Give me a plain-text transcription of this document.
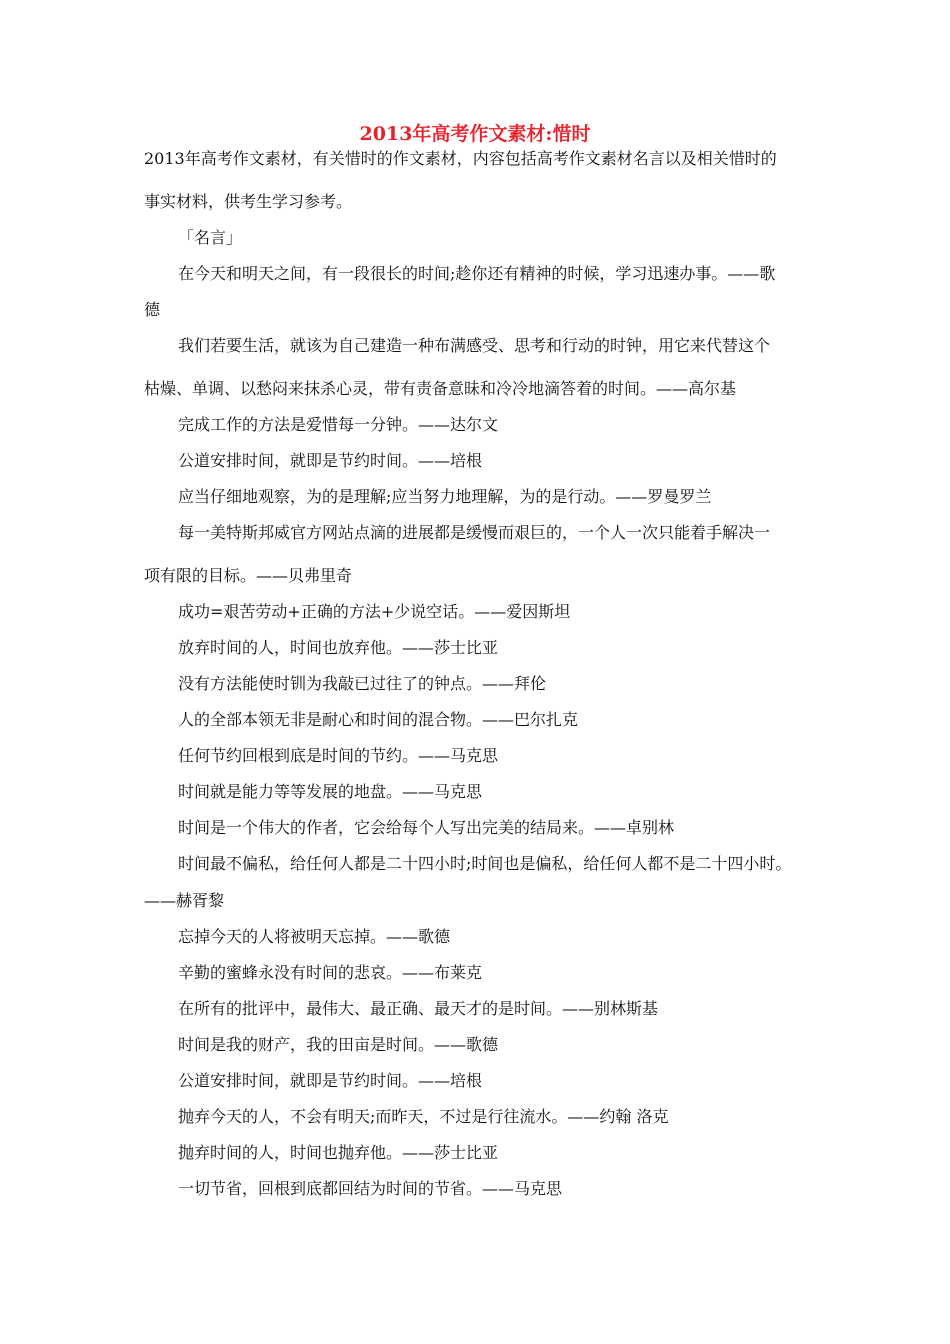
2013年高考作文素材:惜时
2013年高考作文素材，有关惜时的作文素材，内容包括高考作文素材名言以及相关惜时的
事实材料，供考生学习参考。
「名言」
在今天和明天之间，有一段很长的时间;趁你还有精神的时候，学习迅速办事。——歌
德
我们若要生活，就该为自己建造一种布满感受、思考和行动的时钟，用它来代替这个
枯燥、单调、以愁闷来抹杀心灵，带有责备意昧和冷冷地滴答着的时间。——高尔基
完成工作的方法是爱惜每一分钟。——达尔文
公道安排时间，就即是节约时间。——培根
应当仔细地观察，为的是理解;应当努力地理解，为的是行动。——罗曼罗兰
每一美特斯邦威官方网站点滴的进展都是缓慢而艰巨的，一个人一次只能着手解决一
项有限的目标。——贝弗里奇
成功=艰苦劳动+正确的方法+少说空话。——爱因斯坦
放弃时间的人，时间也放弃他。——莎士比亚
没有方法能使时钏为我敲已过往了的钟点。——拜伦
人的全部本领无非是耐心和时间的混合物。——巴尔扎克
任何节约回根到底是时间的节约。——马克思
时间就是能力等等发展的地盘。——马克思
时间是一个伟大的作者，它会给每个人写出完美的结局来。——卓别林
时间最不偏私，给任何人都是二十四小时;时间也是偏私，给任何人都不是二十四小时。
——赫胥黎
忘掉今天的人将被明天忘掉。——歌德
辛勤的蜜蜂永没有时间的悲哀。——布莱克
在所有的批评中，最伟大、最正确、最天才的是时间。——别林斯基
时间是我的财产，我的田亩是时间。——歌德
公道安排时间，就即是节约时间。——培根
抛弃今天的人，不会有明天;而昨天，不过是行往流水。——约翰 洛克
抛弃时间的人，时间也抛弃他。——莎士比亚
一切节省，回根到底都回结为时间的节省。——马克思
